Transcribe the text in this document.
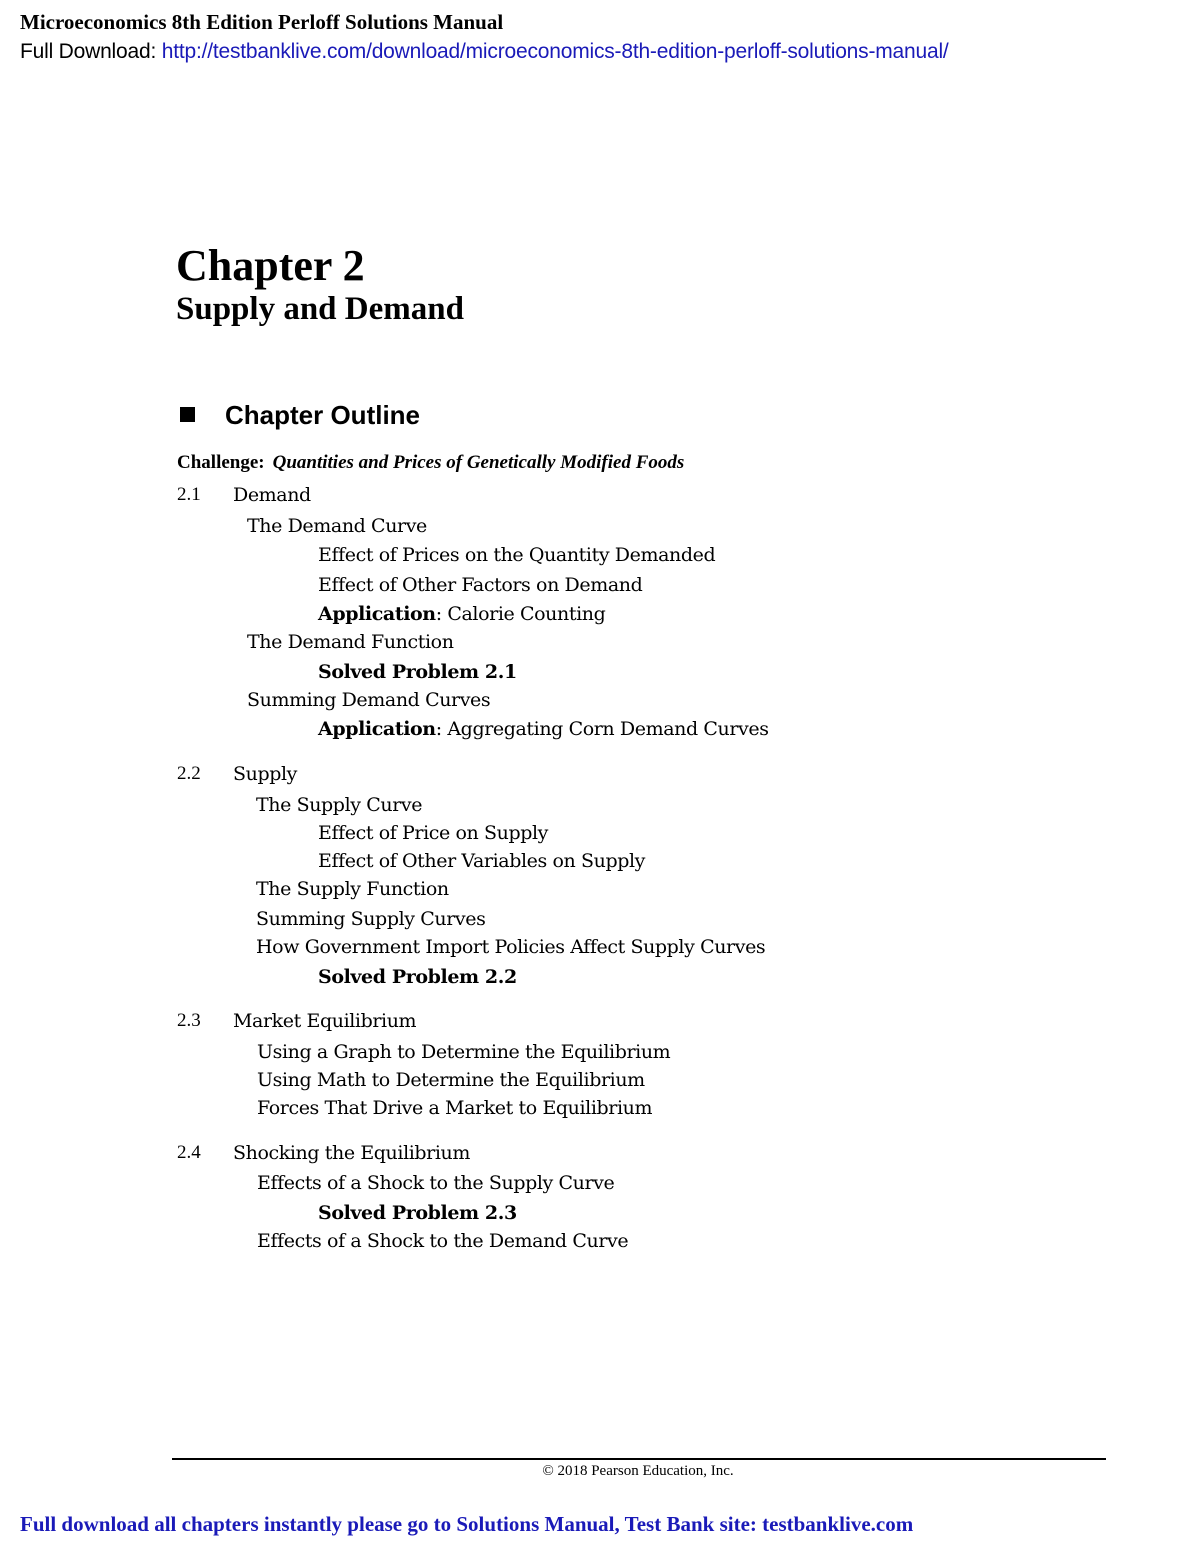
Microeconomics 8th Edition Perloff Solutions Manual
Full Download: http://testbanklive.com/download/microeconomics-8th-edition-perloff-solutions-manual/
Chapter 2
Supply and Demand
Chapter Outline
Challenge: Quantities and Prices of Genetically Modified Foods
2.1 Demand
The Demand Curve
Effect of Prices on the Quantity Demanded
Effect of Other Factors on Demand
Application: Calorie Counting
The Demand Function
Solved Problem 2.1
Summing Demand Curves
Application: Aggregating Corn Demand Curves
2.2 Supply
The Supply Curve
Effect of Price on Supply
Effect of Other Variables on Supply
The Supply Function
Summing Supply Curves
How Government Import Policies Affect Supply Curves
Solved Problem 2.2
2.3 Market Equilibrium
Using a Graph to Determine the Equilibrium
Using Math to Determine the Equilibrium
Forces That Drive a Market to Equilibrium
2.4 Shocking the Equilibrium
Effects of a Shock to the Supply Curve
Solved Problem 2.3
Effects of a Shock to the Demand Curve
© 2018 Pearson Education, Inc.
Full download all chapters instantly please go to Solutions Manual, Test Bank site: testbanklive.com
